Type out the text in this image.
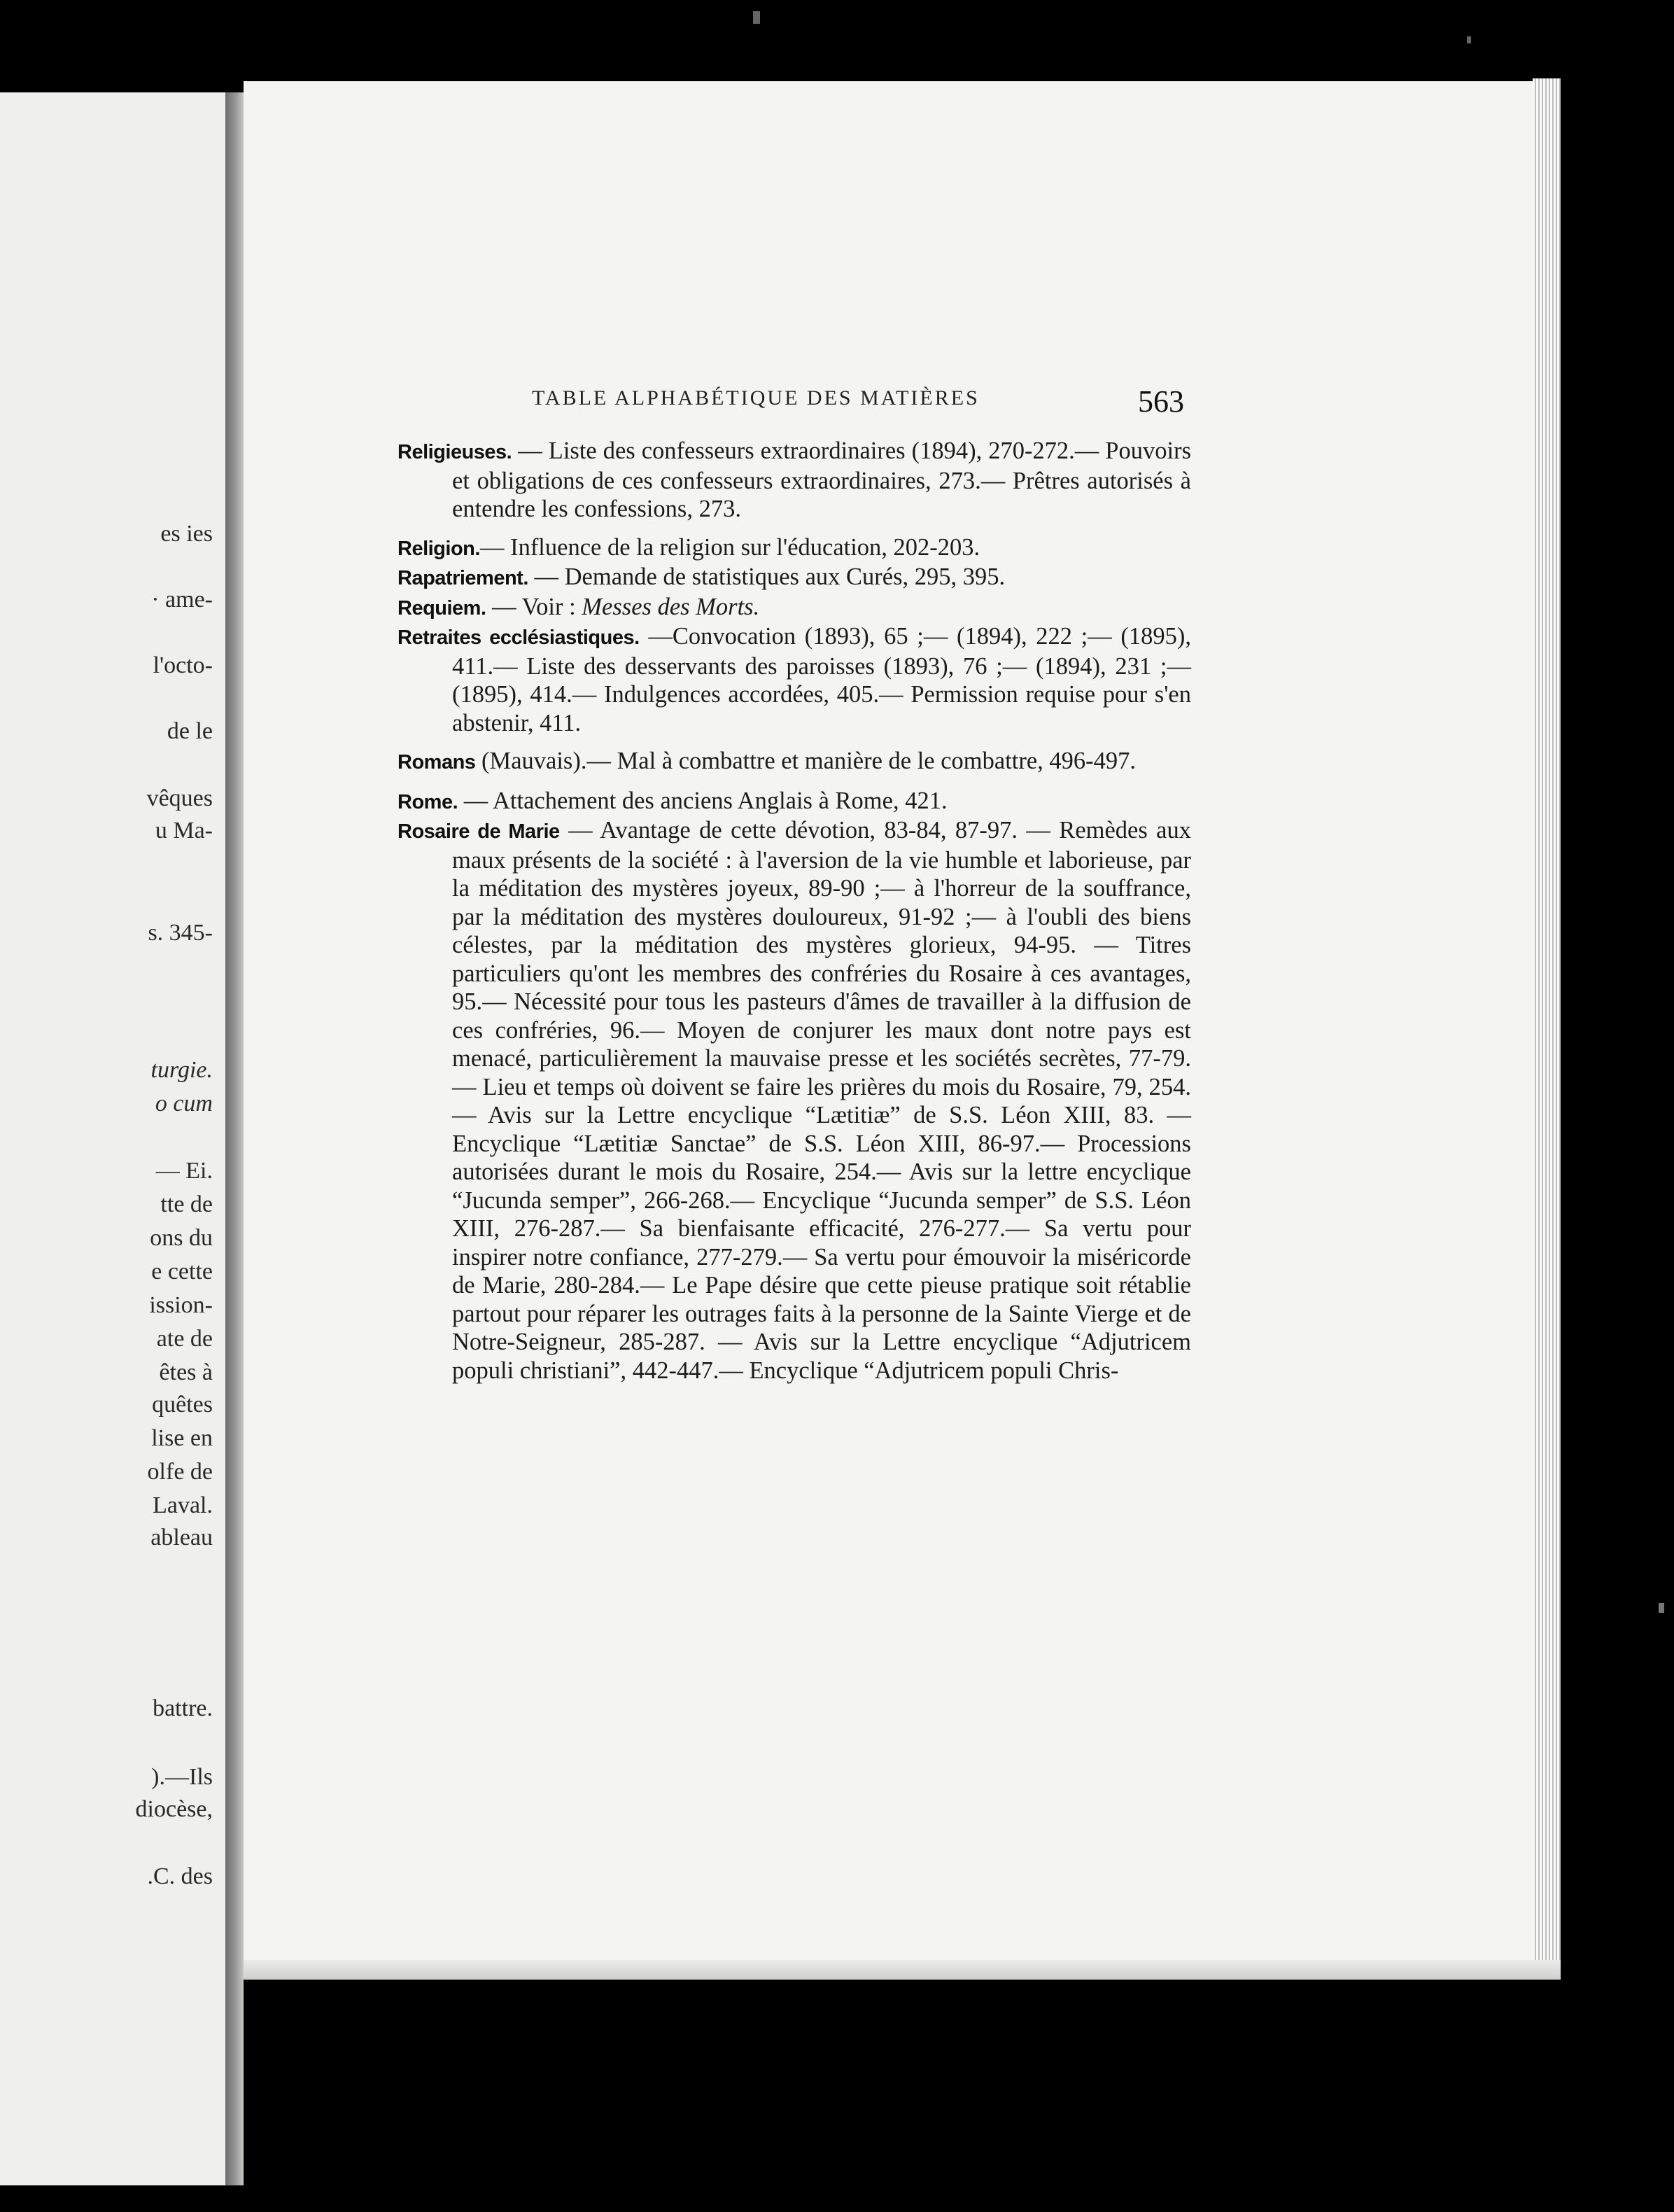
es ies
· ame-
l'octo-
de le
vêques
u Ma-
s. 345-
turgie.
o cum
— Ei.
tte de
ons du
e cette
ission-
ate de
êtes à
quêtes
lise en
olfe de
Laval.
ableau
battre.
).—Ils
diocèse,
.C. des
TABLE ALPHABÉTIQUE DES MATIÈRES	563

Religieuses. — Liste des confesseurs extraordinaires (1894), 270-272.— Pouvoirs et obligations de ces confesseurs extraordinaires, 273.— Prêtres autorisés à entendre les confessions, 273.

Religion.— Influence de la religion sur l'éducation, 202-203.

Rapatriement. — Demande de statistiques aux Curés, 295, 395.

Requiem. — Voir : Messes des Morts.

Retraites ecclésiastiques. —Convocation (1893), 65 ;— (1894), 222 ;— (1895), 411.— Liste des desservants des paroisses (1893), 76 ;— (1894), 231 ;— (1895), 414.— Indulgences accordées, 405.— Permission requise pour s'en abstenir, 411.

Romans (Mauvais).— Mal à combattre et manière de le combattre, 496-497.

Rome. — Attachement des anciens Anglais à Rome, 421.

Rosaire de Marie — Avantage de cette dévotion, 83-84, 87-97. — Remèdes aux maux présents de la société : à l'aversion de la vie humble et laborieuse, par la méditation des mystères joyeux, 89-90 ;— à l'horreur de la souffrance, par la méditation des mystères douloureux, 91-92 ;— à l'oubli des biens célestes, par la méditation des mystères glorieux, 94-95. — Titres particuliers qu'ont les membres des confréries du Rosaire à ces avantages, 95.— Nécessité pour tous les pasteurs d'âmes de travailler à la diffusion de ces confréries, 96.— Moyen de conjurer les maux dont notre pays est menacé, particulièrement la mauvaise presse et les sociétés secrètes, 77-79.— Lieu et temps où doivent se faire les prières du mois du Rosaire, 79, 254.— Avis sur la Lettre encyclique “Lætitiæ” de S.S. Léon XIII, 83. — Encyclique “Lætitiæ Sanctae” de S.S. Léon XIII, 86-97.— Processions autorisées durant le mois du Rosaire, 254.— Avis sur la lettre encyclique “Jucunda semper”, 266-268.— Encyclique “Jucunda semper” de S.S. Léon XIII, 276-287.— Sa bienfaisante efficacité, 276-277.— Sa vertu pour inspirer notre confiance, 277-279.— Sa vertu pour émouvoir la miséricorde de Marie, 280-284.— Le Pape désire que cette pieuse pratique soit rétablie partout pour réparer les outrages faits à la personne de la Sainte Vierge et de Notre-Seigneur, 285-287. — Avis sur la Lettre encyclique “Adjutricem populi christiani”, 442-447.— Encyclique “Adjutricem populi Chris-
